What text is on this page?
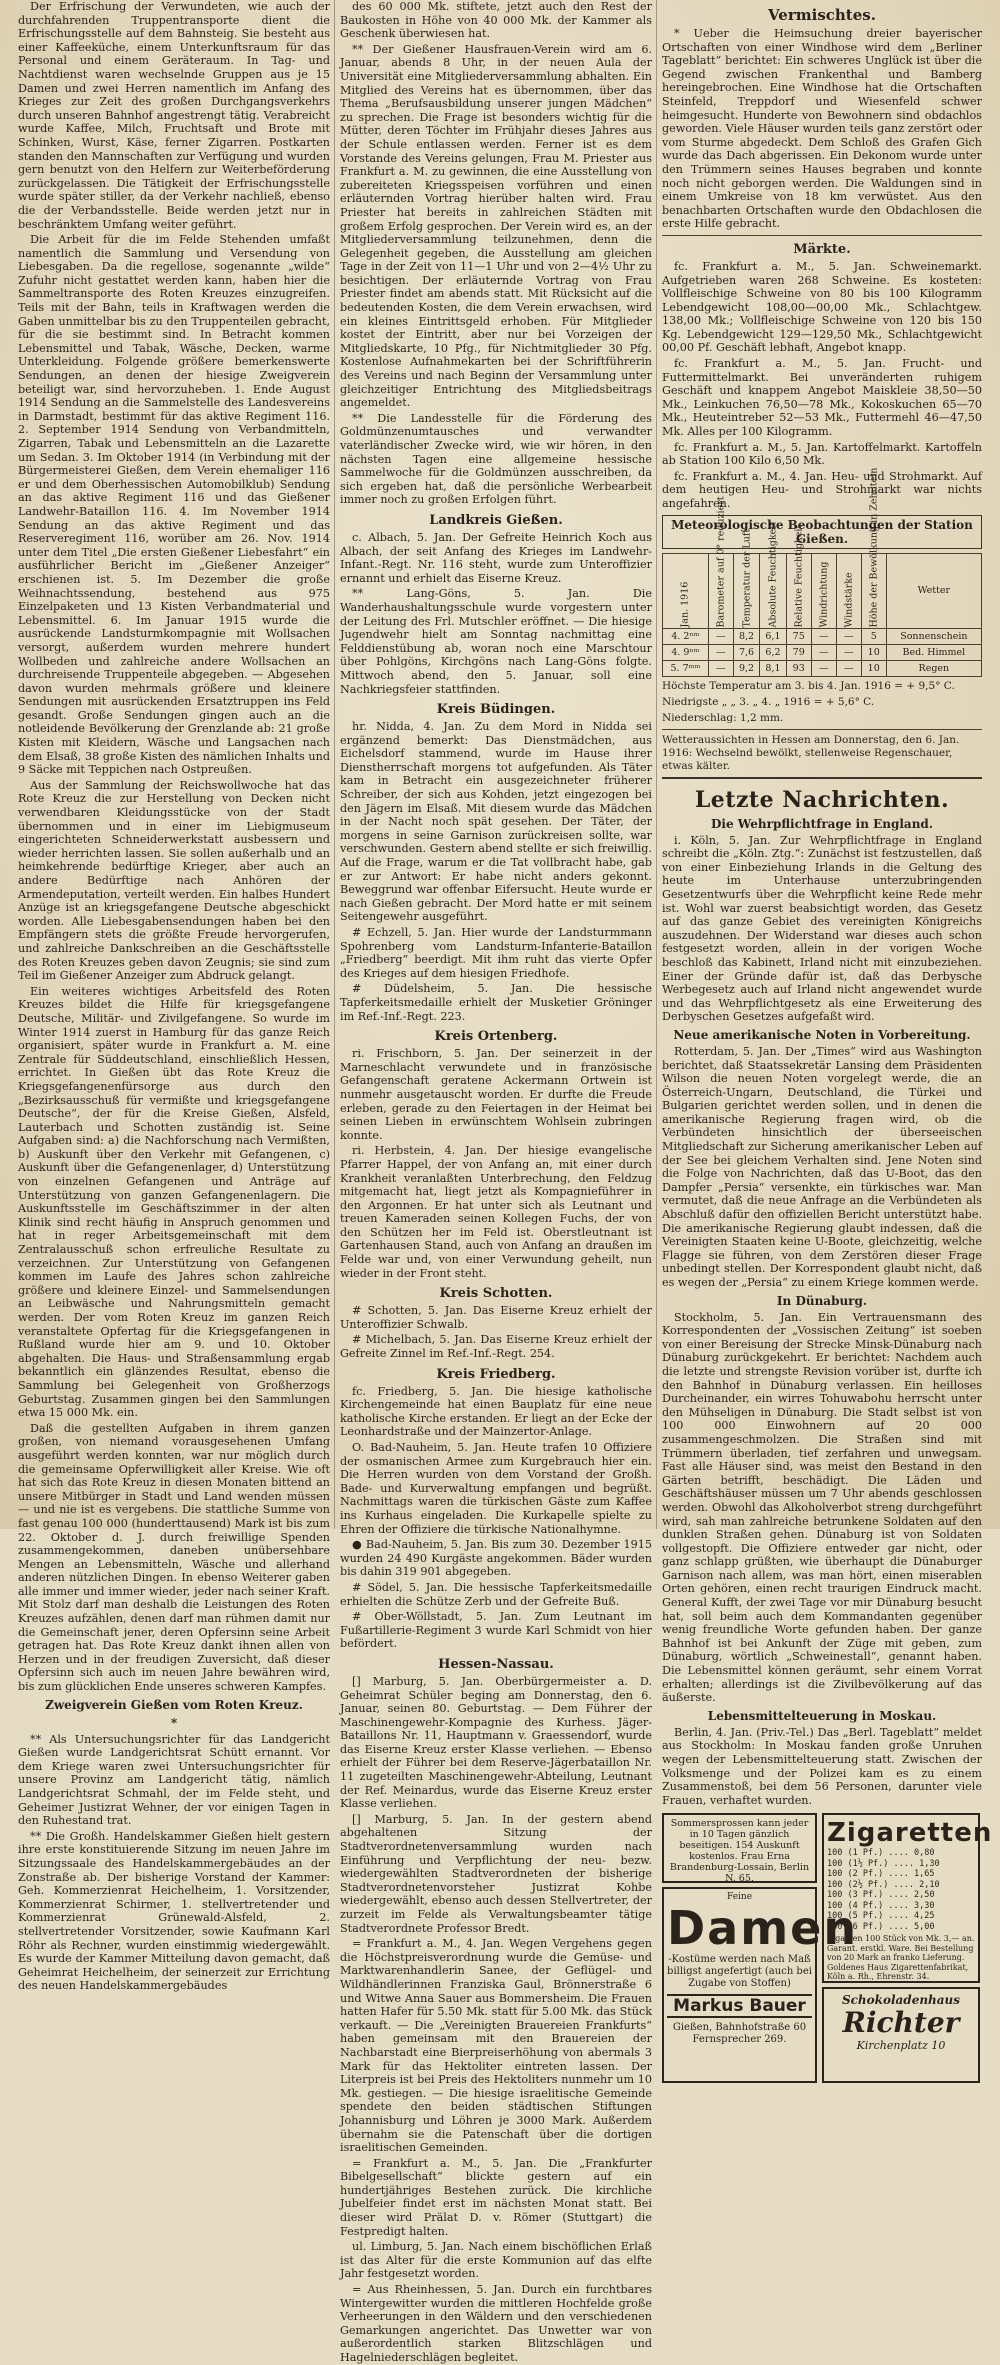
Der Erfrischung der Verwundeten, wie auch der durchfahrenden Truppentransporte dient die Erfrischungsstelle auf dem Bahnsteig. Sie besteht aus einer Kaffeeküche, einem Unterkunftsraum für das Personal und einem Geräteraum. In Tag- und Nachtdienst waren wechselnde Gruppen aus je 15 Damen und zwei Herren namentlich im Anfang des Krieges zur Zeit des großen Durchgangsverkehrs durch unseren Bahnhof angestrengt tätig. Verabreicht wurde Kaffee, Milch, Fruchtsaft und Brote mit Schinken, Wurst, Käse, ferner Zigarren. Postkarten standen den Mannschaften zur Verfügung und wurden gern benutzt von den Helfern zur Weiterbeförderung zurückgelassen. Die Tätigkeit der Erfrischungsstelle wurde später stiller, da der Verkehr nachließ, ebenso die der Verbandsstelle. Beide werden jetzt nur in beschränktem Umfang weiter geführt.

Die Arbeit für die im Felde Stehenden umfaßt namentlich die Sammlung und Versendung von Liebesgaben. Da die regellose, sogenannte „wilde“ Zufuhr nicht gestattet werden kann, haben hier die Sammeltransporte des Roten Kreuzes einzugreifen. Teils mit der Bahn, teils in Kraftwagen werden die Gaben unmittelbar bis zu den Truppenteilen gebracht, für die sie bestimmt sind. In Betracht kommen Lebensmittel und Tabak, Wäsche, Decken, warme Unterkleidung. Folgende größere bemerkenswerte Sendungen, an denen der hiesige Zweigverein beteiligt war, sind hervorzuheben. 1. Ende August 1914 Sendung an die Sammelstelle des Landesvereins in Darmstadt, bestimmt für das aktive Regiment 116. 2. September 1914 Sendung von Verbandmitteln, Zigarren, Tabak und Lebensmitteln an die Lazarette um Sedan. 3. Im Oktober 1914 (in Verbindung mit der Bürgermeisterei Gießen, dem Verein ehemaliger 116 er und dem Oberhessischen Automobilklub) Sendung an das aktive Regiment 116 und das Gießener Landwehr-Bataillon 116. 4. Im November 1914 Sendung an das aktive Regiment und das Reserveregiment 116, worüber am 26. Nov. 1914 unter dem Titel „Die ersten Gießener Liebesfahrt“ ein ausführlicher Bericht im „Gießener Anzeiger“ erschienen ist. 5. Im Dezember die große Weihnachtssendung, bestehend aus 975 Einzelpaketen und 13 Kisten Verbandmaterial und Lebensmittel. 6. Im Januar 1915 wurde die ausrückende Landsturmkompagnie mit Wollsachen versorgt, außerdem wurden mehrere hundert Wollbeden und zahlreiche andere Wollsachen an durchreisende Truppenteile abgegeben. — Abgesehen davon wurden mehrmals größere und kleinere Sendungen mit ausrückenden Ersatztruppen ins Feld gesandt. Große Sendungen gingen auch an die notleidende Bevölkerung der Grenzlande ab: 21 große Kisten mit Kleidern, Wäsche und Langsachen nach dem Elsaß, 38 große Kisten des nämlichen Inhalts und 9 Säcke mit Teppichen nach Ostpreußen.

Aus der Sammlung der Reichswollwoche hat das Rote Kreuz die zur Herstellung von Decken nicht verwendbaren Kleidungsstücke von der Stadt übernommen und in einer im Liebigmuseum eingerichteten Schneiderwerkstatt ausbessern und wieder herrichten lassen. Sie sollen außerhalb und an heimkehrende bedürftige Krieger, aber auch an andere Bedürftige nach Anhören der Armendeputation, verteilt werden. Ein halbes Hundert Anzüge ist an kriegsgefangene Deutsche abgeschickt worden. Alle Liebesgabensendungen haben bei den Empfängern stets die größte Freude hervorgerufen, und zahlreiche Dankschreiben an die Geschäftsstelle des Roten Kreuzes geben davon Zeugnis; sie sind zum Teil im Gießener Anzeiger zum Abdruck gelangt.

Ein weiteres wichtiges Arbeitsfeld des Roten Kreuzes bildet die Hilfe für kriegsgefangene Deutsche, Militär- und Zivilgefangene. So wurde im Winter 1914 zuerst in Hamburg für das ganze Reich organisiert, später wurde in Frankfurt a. M. eine Zentrale für Süddeutschland, einschließlich Hessen, errichtet. In Gießen übt das Rote Kreuz die Kriegsgefangenenfürsorge aus durch den „Bezirksausschuß für vermißte und kriegsgefangene Deutsche“, der für die Kreise Gießen, Alsfeld, Lauterbach und Schotten zuständig ist. Seine Aufgaben sind: a) die Nachforschung nach Vermißten, b) Auskunft über den Verkehr mit Gefangenen, c) Auskunft über die Gefangenenlager, d) Unterstützung von einzelnen Gefangenen und Anträge auf Unterstützung von ganzen Gefangenenlagern. Die Auskunftsstelle im Geschäftszimmer in der alten Klinik sind recht häufig in Anspruch genommen und hat in reger Arbeitsgemeinschaft mit dem Zentralausschuß schon erfreuliche Resultate zu verzeichnen. Zur Unterstützung von Gefangenen kommen im Laufe des Jahres schon zahlreiche größere und kleinere Einzel- und Sammelsendungen an Leibwäsche und Nahrungsmitteln gemacht werden. Der vom Roten Kreuz im ganzen Reich veranstaltete Opfertag für die Kriegsgefangenen in Rußland wurde hier am 9. und 10. Oktober abgehalten. Die Haus- und Straßensammlung ergab bekanntlich ein glänzendes Resultat, ebenso die Sammlung bei Gelegenheit von Großherzogs Geburtstag. Zusammen gingen bei den Sammlungen etwa 15 000 Mk. ein.

Daß die gestellten Aufgaben in ihrem ganzen großen, von niemand vorausgesehenen Umfang ausgeführt werden konnten, war nur möglich durch die gemeinsame Opferwilligkeit aller Kreise. Wie oft hat sich das Rote Kreuz in diesen Monaten bittend an unsere Mitbürger in Stadt und Land wenden müssen — und nie ist es vergebens. Die stattliche Summe von fast genau 100 000 (hunderttausend) Mark ist bis zum 22. Oktober d. J. durch freiwillige Spenden zusammengekommen, daneben unübersehbare Mengen an Lebensmitteln, Wäsche und allerhand anderen nützlichen Dingen. In ebenso Weiterer gaben alle immer und immer wieder, jeder nach seiner Kraft. Mit Stolz darf man deshalb die Leistungen des Roten Kreuzes aufzählen, denen darf man rühmen damit nur die Gemeinschaft jener, deren Opfersinn seine Arbeit getragen hat. Das Rote Kreuz dankt ihnen allen von Herzen und in der freudigen Zuversicht, daß dieser Opfersinn sich auch im neuen Jahre bewähren wird, bis zum glücklichen Ende unseres schweren Kampfes.

Zweigverein Gießen vom Roten Kreuz.
*

** Als Untersuchungsrichter für das Landgericht Gießen wurde Landgerichtsrat Schütt ernannt. Vor dem Kriege waren zwei Untersuchungsrichter für unsere Provinz am Landgericht tätig, nämlich Landgerichtsrat Schmahl, der im Felde steht, und Geheimer Justizrat Wehner, der vor einigen Tagen in den Ruhestand trat.

** Die Großh. Handelskammer Gießen hielt gestern ihre erste konstituierende Sitzung im neuen Jahre im Sitzungssaale des Handelskammergebäudes an der Zonstraße ab. Der bisherige Vorstand der Kammer: Geh. Kommerzienrat Heichelheim, 1. Vorsitzender, Kommerzienrat Schirmer, 1. stellvertretender und Kommerzienrat Grünewald-Alsfeld, 2. stellvertretender Vorsitzender, sowie Kaufmann Karl Röhr als Rechner, wurden einstimmig wiedergewählt. Es wurde der Kammer Mitteilung davon gemacht, daß Geheimrat Heichelheim, der seinerzeit zur Errichtung des neuen Handelskammergebäudes

des 60 000 Mk. stiftete, jetzt auch den Rest der Baukosten in Höhe von 40 000 Mk. der Kammer als Geschenk überwiesen hat.

** Der Gießener Hausfrauen-Verein wird am 6. Januar, abends 8 Uhr, in der neuen Aula der Universität eine Mitgliederversammlung abhalten. Ein Mitglied des Vereins hat es übernommen, über das Thema „Berufsausbildung unserer jungen Mädchen“ zu sprechen. Die Frage ist besonders wichtig für die Mütter, deren Töchter im Frühjahr dieses Jahres aus der Schule entlassen werden. Ferner ist es dem Vorstande des Vereins gelungen, Frau M. Priester aus Frankfurt a. M. zu gewinnen, die eine Ausstellung von zubereiteten Kriegsspeisen vorführen und einen erläuternden Vortrag hierüber halten wird. Frau Priester hat bereits in zahlreichen Städten mit großem Erfolg gesprochen. Der Verein wird es, an der Mitgliederversammlung teilzunehmen, denn die Gelegenheit gegeben, die Ausstellung am gleichen Tage in der Zeit von 11—1 Uhr und von 2—4½ Uhr zu besichtigen. Der erläuternde Vortrag von Frau Priester findet am abends statt. Mit Rücksicht auf die bedeutenden Kosten, die dem Verein erwachsen, wird ein kleines Eintrittsgeld erhoben. Für Mitglieder kostet der Eintritt, aber nur bei Vorzeigen der Mitgliedskarte, 10 Pfg., für Nichtmitglieder 30 Pfg. Kostenlose Aufnahmekarten bei der Schriftführerin des Vereins und nach Beginn der Versammlung unter gleichzeitiger Entrichtung des Mitgliedsbeitrags angemeldet.

** Die Landesstelle für die Förderung des Goldmünzenumtausches und verwandter vaterländischer Zwecke wird, wie wir hören, in den nächsten Tagen eine allgemeine hessische Sammelwoche für die Goldmünzen ausschreiben, da sich ergeben hat, daß die persönliche Werbearbeit immer noch zu großen Erfolgen führt.

Landkreis Gießen.

c. Albach, 5. Jan. Der Gefreite Heinrich Koch aus Albach, der seit Anfang des Krieges im Landwehr-Infant.-Regt. Nr. 116 steht, wurde zum Unteroffizier ernannt und erhielt das Eiserne Kreuz.

** Lang-Göns, 5. Jan. Die Wanderhaushaltungsschule wurde vorgestern unter der Leitung des Frl. Mutschler eröffnet. — Die hiesige Jugendwehr hielt am Sonntag nachmittag eine Felddienstübung ab, woran noch eine Marschtour über Pohlgöns, Kirchgöns nach Lang-Göns folgte. Mittwoch abend, den 5. Januar, soll eine Nachkriegsfeier stattfinden.

Kreis Büdingen.

hr. Nidda, 4. Jan. Zu dem Mord in Nidda sei ergänzend bemerkt: Das Dienstmädchen, aus Eichelsdorf stammend, wurde im Hause ihrer Dienstherrschaft morgens tot aufgefunden. Als Täter kam in Betracht ein ausgezeichneter früherer Schreiber, der sich aus Kohden, jetzt eingezogen bei den Jägern im Elsaß. Mit diesem wurde das Mädchen in der Nacht noch spät gesehen. Der Täter, der morgens in seine Garnison zurückreisen sollte, war verschwunden. Gestern abend stellte er sich freiwillig. Auf die Frage, warum er die Tat vollbracht habe, gab er zur Antwort: Er habe nicht anders gekonnt. Beweggrund war offenbar Eifersucht. Heute wurde er nach Gießen gebracht. Der Mord hatte er mit seinem Seitengewehr ausgeführt.

# Echzell, 5. Jan. Hier wurde der Landsturmmann Spohrenberg vom Landsturm-Infanterie-Bataillon „Friedberg“ beerdigt. Mit ihm ruht das vierte Opfer des Krieges auf dem hiesigen Friedhofe.

# Düdelsheim, 5. Jan. Die hessische Tapferkeitsmedaille erhielt der Musketier Gröninger im Ref.-Inf.-Regt. 223.

Kreis Ortenberg.

ri. Frischborn, 5. Jan. Der seinerzeit in der Marneschlacht verwundete und in französische Gefangenschaft geratene Ackermann Ortwein ist nunmehr ausgetauscht worden. Er durfte die Freude erleben, gerade zu den Feiertagen in der Heimat bei seinen Lieben in erwünschtem Wohlsein zubringen konnte.

ri. Herbstein, 4. Jan. Der hiesige evangelische Pfarrer Happel, der von Anfang an, mit einer durch Krankheit veranlaßten Unterbrechung, den Feldzug mitgemacht hat, liegt jetzt als Kompagnieführer in den Argonnen. Er hat unter sich als Leutnant und treuen Kameraden seinen Kollegen Fuchs, der von den Schützen her im Feld ist. Oberstleutnant ist Gartenhausen Stand, auch von Anfang an draußen im Felde war und, von einer Verwundung geheilt, nun wieder in der Front steht.

Kreis Schotten.

# Schotten, 5. Jan. Das Eiserne Kreuz erhielt der Unteroffizier Schwalb.

# Michelbach, 5. Jan. Das Eiserne Kreuz erhielt der Gefreite Zinnel im Ref.-Inf.-Regt. 254.

Kreis Friedberg.

fc. Friedberg, 5. Jan. Die hiesige katholische Kirchengemeinde hat einen Bauplatz für eine neue katholische Kirche erstanden. Er liegt an der Ecke der Leonhardstraße und der Mainzertor-Anlage.

O. Bad-Nauheim, 5. Jan. Heute trafen 10 Offiziere der osmanischen Armee zum Kurgebrauch hier ein. Die Herren wurden von dem Vorstand der Großh. Bade- und Kurverwaltung empfangen und begrüßt. Nachmittags waren die türkischen Gäste zum Kaffee ins Kurhaus eingeladen. Die Kurkapelle spielte zu Ehren der Offiziere die türkische Nationalhymne.

● Bad-Nauheim, 5. Jan. Bis zum 30. Dezember 1915 wurden 24 490 Kurgäste angekommen. Bäder wurden bis dahin 319 901 abgegeben.

# Södel, 5. Jan. Die hessische Tapferkeitsmedaille erhielten die Schütze Zerb und der Gefreite Buß.

# Ober-Wöllstadt, 5. Jan. Zum Leutnant im Fußartillerie-Regiment 3 wurde Karl Schmidt von hier befördert.

Hessen-Nassau.

[] Marburg, 5. Jan. Oberbürgermeister a. D. Geheimrat Schüler beging am Donnerstag, den 6. Januar, seinen 80. Geburtstag. — Dem Führer der Maschinengewehr-Kompagnie des Kurhess. Jäger-Bataillons Nr. 11, Hauptmann v. Graessendorf, wurde das Eiserne Kreuz erster Klasse verliehen. — Ebenso erhielt der Führer bei dem Reserve-Jägerbataillon Nr. 11 zugeteilten Maschinengewehr-Abteilung, Leutnant der Ref. Meinardus, wurde das Eiserne Kreuz erster Klasse verliehen.

[] Marburg, 5. Jan. In der gestern abend abgehaltenen Sitzung der Stadtverordnetenversammlung wurden nach Einführung und Verpflichtung der neu- bezw. wiedergewählten Stadtverordneten der bisherige Stadtverordnetenvorsteher Justizrat Kohbe wiedergewählt, ebenso auch dessen Stellvertreter, der zurzeit im Felde als Verwaltungsbeamter tätige Stadtverordnete Professor Bredt.

= Frankfurt a. M., 4. Jan. Wegen Vergehens gegen die Höchstpreisverordnung wurde die Gemüse- und Marktwarenhandlerin Sanee, der Geflügel- und Wildhändlerinnen Franziska Gaul, Brönnerstraße 6 und Witwe Anna Sauer aus Bommersheim. Die Frauen hatten Hafer für 5.50 Mk. statt für 5.00 Mk. das Stück verkauft. — Die „Vereinigten Brauereien Frankfurts“ haben gemeinsam mit den Brauereien der Nachbarstadt eine Bierpreiserhöhung von abermals 3 Mark für das Hektoliter eintreten lassen. Der Literpreis ist bei Preis des Hektoliters nunmehr um 10 Mk. gestiegen. — Die hiesige israelitische Gemeinde spendete den beiden städtischen Stiftungen Johannisburg und Löhren je 3000 Mark. Außerdem übernahm sie die Patenschaft über die dortigen israelitischen Gemeinden.

= Frankfurt a. M., 5. Jan. Die „Frankfurter Bibelgesellschaft“ blickte gestern auf ein hundertjähriges Bestehen zurück. Die kirchliche Jubelfeier findet erst im nächsten Monat statt. Bei dieser wird Prälat D. v. Römer (Stuttgart) die Festpredigt halten.

ul. Limburg, 5. Jan. Nach einem bischöflichen Erlaß ist das Alter für die erste Kommunion auf das elfte Jahr festgesetzt worden.

= Aus Rheinhessen, 5. Jan. Durch ein furchtbares Wintergewitter wurden die mittleren Hochfelde große Verheerungen in den Wäldern und den verschiedenen Gemarkungen angerichtet. Das Unwetter war von außerordentlich starken Blitzschlägen und Hagelniederschlägen begleitet.

Vermischtes.

* Ueber die Heimsuchung dreier bayerischer Ortschaften von einer Windhose wird dem „Berliner Tageblatt“ berichtet: Ein schweres Unglück ist über die Gegend zwischen Frankenthal und Bamberg hereingebrochen. Eine Windhose hat die Ortschaften Steinfeld, Treppdorf und Wiesenfeld schwer heimgesucht. Hunderte von Bewohnern sind obdachlos geworden. Viele Häuser wurden teils ganz zerstört oder vom Sturme abgedeckt. Dem Schloß des Grafen Gich wurde das Dach abgerissen. Ein Dekonom wurde unter den Trümmern seines Hauses begraben und konnte noch nicht geborgen werden. Die Waldungen sind in einem Umkreise von 18 km verwüstet. Aus den benachbarten Ortschaften wurde den Obdachlosen die erste Hilfe gebracht.

Märkte.

fc. Frankfurt a. M., 5. Jan. Schweinemarkt. Aufgetrieben waren 268 Schweine. Es kosteten: Vollfleischige Schweine von 80 bis 100 Kilogramm Lebendgewicht 108,00—00,00 Mk., Schlachtgew. 138,00 Mk.; Vollfleischige Schweine von 120 bis 150 Kg. Lebendgewicht 129—129,50 Mk., Schlachtgewicht 00,00 Pf. Geschäft lebhaft, Angebot knapp.

fc. Frankfurt a. M., 5. Jan. Frucht- und Futtermittelmarkt. Bei unveränderten ruhigem Geschäft und knappem Angebot Maiskleie 38,50—50 Mk., Leinkuchen 76,50—78 Mk., Kokoskuchen 65—70 Mk., Heuteintreber 52—53 Mk., Futtermehl 46—47,50 Mk. Alles per 100 Kilogramm.

fc. Frankfurt a. M., 5. Jan. Kartoffelmarkt. Kartoffeln ab Station 100 Kilo 6,50 Mk.

fc. Frankfurt a. M., 4. Jan. Heu- und Strohmarkt. Auf dem heutigen Heu- und Strohmarkt war nichts angefahren.

Meteorologische Beobachtungen der Station Gießen.
Jan. 1916	Barometer auf 0° reduziert	Temperatur der Luft	Absolute Feuchtigkeit	Relative Feuchtigkeit	Windrichtung	Windstärke	Höhe der Bewölkung in Zehnteln	Wetter
4. 2ⁿᵐ	—	8,2	6,1	75	—	—	5	Sonnenschein
4. 9ⁿᵐ	—	7,6	6,2	79	—	—	10	Bed. Himmel
5. 7ᵐᵐ	—	9,2	8,1	93	—	—	10	Regen
Höchste Temperatur am 3. bis 4. Jan. 1916 = + 9,5° C.
Niedrigste „ „ 3. „ 4. „ 1916 = + 5,6° C.
Niederschlag: 1,2 mm.
Wetteraussichten in Hessen am Donnerstag, den 6. Jan. 1916: Wechselnd bewölkt, stellenweise Regenschauer, etwas kälter.
Letzte Nachrichten.
Die Wehrpflichtfrage in England.

i. Köln, 5. Jan. Zur Wehrpflichtfrage in England schreibt die „Köln. Ztg.“: Zunächst ist festzustellen, daß von einer Einbeziehung Irlands in die Geltung des heute im Unterhause unterzubringenden Gesetzentwurfs über die Wehrpflicht keine Rede mehr ist. Wohl war zuerst beabsichtigt worden, das Gesetz auf das ganze Gebiet des vereinigten Königreichs auszudehnen. Der Widerstand war dieses auch schon festgesetzt worden, allein in der vorigen Woche beschloß das Kabinett, Irland nicht mit einzubeziehen. Einer der Gründe dafür ist, daß das Derbysche Werbegesetz auch auf Irland nicht angewendet wurde und das Wehrpflichtgesetz als eine Erweiterung des Derbyschen Gesetzes aufgefaßt wird.

Neue amerikanische Noten in Vorbereitung.

Rotterdam, 5. Jan. Der „Times“ wird aus Washington berichtet, daß Staatssekretär Lansing dem Präsidenten Wilson die neuen Noten vorgelegt werde, die an Österreich-Ungarn, Deutschland, die Türkei und Bulgarien gerichtet werden sollen, und in denen die amerikanische Regierung fragen wird, ob die Verbündeten hinsichtlich der überseeischen Mitgliedschaft zur Sicherung amerikanischer Leben auf der See bei gleichem Verhalten sind. Jene Noten sind die Folge von Nachrichten, daß das U-Boot, das den Dampfer „Persia“ versenkte, ein türkisches war. Man vermutet, daß die neue Anfrage an die Verbündeten als Abschluß dafür den offiziellen Bericht unterstützt habe. Die amerikanische Regierung glaubt indessen, daß die Vereinigten Staaten keine U-Boote, gleichzeitig, welche Flagge sie führen, von dem Zerstören dieser Frage unbedingt stellen. Der Korrespondent glaubt nicht, daß es wegen der „Persia“ zu einem Kriege kommen werde.

In Dünaburg.

Stockholm, 5. Jan. Ein Vertrauensmann des Korrespondenten der „Vossischen Zeitung“ ist soeben von einer Bereisung der Strecke Minsk-Dünaburg nach Dünaburg zurückgekehrt. Er berichtet: Nachdem auch die letzte und strengste Revision vorüber ist, durfte ich den Bahnhof in Dünaburg verlassen. Ein heilloses Durcheinander, ein wirres Tohuwabohu herrscht unter den Mühseligen in Dünaburg. Die Stadt selbst ist von 100 000 Einwohnern auf 20 000 zusammengeschmolzen. Die Straßen sind mit Trümmern überladen, tief zerfahren und unwegsam. Fast alle Häuser sind, was meist den Bestand in den Gärten betrifft, beschädigt. Die Läden und Geschäftshäuser müssen um 7 Uhr abends geschlossen werden. Obwohl das Alkoholverbot streng durchgeführt wird, sah man zahlreiche betrunkene Soldaten auf den dunklen Straßen gehen. Dünaburg ist von Soldaten vollgestopft. Die Offiziere entweder gar nicht, oder ganz schlapp grüßten, wie überhaupt die Dünaburger Garnison nach allem, was man hört, einen miserablen Orten gehören, einen recht traurigen Eindruck macht. General Kufft, der zwei Tage vor mir Dünaburg besucht hat, soll beim auch dem Kommandanten gegenüber wenig freundliche Worte gefunden haben. Der ganze Bahnhof ist bei Ankunft der Züge mit geben, zum Dünaburg, wörtlich „Schweinestall“, genannt haben. Die Lebensmittel können geräumt, sehr einem Vorrat erhalten; allerdings ist die Zivilbevölkerung auf das äußerste.

Lebensmittelteuerung in Moskau.

Berlin, 4. Jan. (Priv.-Tel.) Das „Berl. Tageblatt“ meldet aus Stockholm: In Moskau fanden große Unruhen wegen der Lebensmittelteuerung statt. Zwischen der Volksmenge und der Polizei kam es zu einem Zusammenstoß, bei dem 56 Personen, darunter viele Frauen, verhaftet wurden.

Sommersprossen kann jeder in 10 Tagen gänzlich beseitigen. 154 Auskunft kostenlos. Frau Erna Brandenburg-Lossain, Berlin N. 65.
Zigaretten
100 (1 Pf.) .... 0,80
100 (1½ Pf.) .... 1,30
100 (2 Pf.) .... 1,65
100 (2½ Pf.) .... 2,10
100 (3 Pf.) .... 2,50
100 (4 Pf.) .... 3,30
100 (5 Pf.) .... 4,25
100 (6 Pf.) .... 5,00
Zigarren 100 Stück von Mk. 3,— an. Garant. erstkl. Ware. Bei Bestellung von 20 Mark an franko Lieferung. Goldenes Haus Zigarettenfabrikat, Köln a. Rh., Ehrenstr. 34.
Feine
Damen
-Kostüme werden nach Maß billigst angefertigt (auch bei Zugabe von Stoffen)
Markus Bauer
Gießen, Bahnhofstraße 60 Fernsprecher 269.
Schokoladenhaus
Richter
Kirchenplatz 10
